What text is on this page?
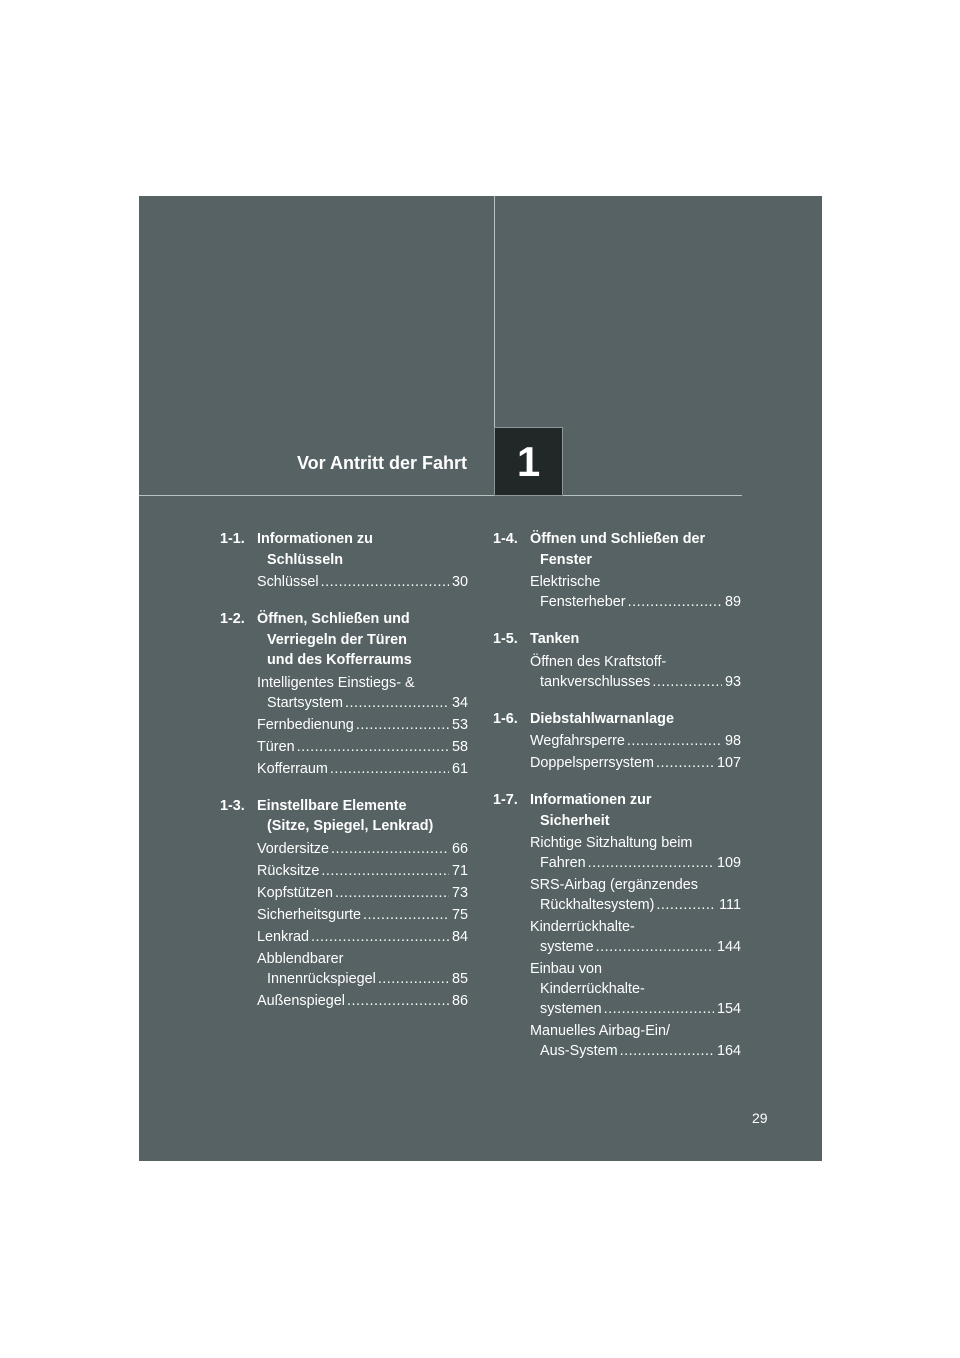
Vor Antritt der Fahrt	1
1-1. Informationen zu
Schlüsseln
Schlüssel .....	30
1-2. Öffnen, Schließen und
Verriegeln der Türen
und des Kofferraums
Intelligentes Einstiegs- &
Startsystem .....	34
Fernbedienung .....	53
Türen .....	58
Kofferraum .....	61
1-3. Einstellbare Elemente
(Sitze, Spiegel, Lenkrad)
Vordersitze .....	66
Rücksitze .....	71
Kopfstützen .....	73
Sicherheitsgurte .....	75
Lenkrad .....	84
Abblendbarer
Innenrückspiegel .....	85
Außenspiegel .....	86
1-4. Öffnen und Schließen der
Fenster
Elektrische
Fensterheber .....	89
1-5. Tanken
Öffnen des Kraftstoff-
tankverschlusses .....	93
1-6. Diebstahlwarnanlage
Wegfahrsperre .....	98
Doppelsperrsystem .....	107
1-7. Informationen zur
Sicherheit
Richtige Sitzhaltung beim
Fahren .....	109
SRS-Airbag (ergänzendes
Rückhaltesystem) .....	111
Kinderrückhalte-
systeme .....	144
Einbau von
Kinderrückhalte-
systemen .....	154
Manuelles Airbag-Ein/
Aus-System .....	164
29
